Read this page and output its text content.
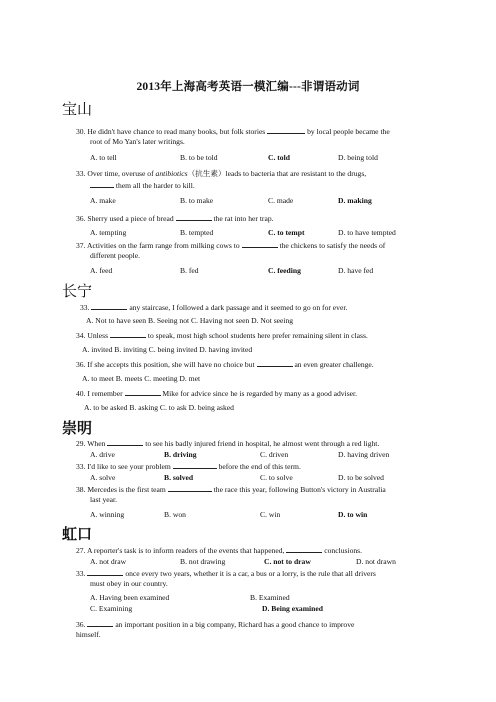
2013年上海高考英语一模汇编---非谓语动词
宝山
30. He didn't have chance to read many books, but folk stories	by local people became the
root of Mo Yan's later writings.
A. to tell	B. to be told	C. told	D. being told
33. Over time, overuse of antibiotics（抗生素）leads to bacteria that are resistant to the drugs,
them all the harder to kill.
A. make	B. to make	C. made	D. making
36. Sherry used a piece of bread	the rat into her trap.
A. tempting	B. tempted	C. to tempt	D. to have tempted
37. Activities on the farm range from milking cows to	the chickens to satisfy the needs of
different people.
A. feed	B. fed	C. feeding	D. have fed
长宁
33.	any staircase, I followed a dark passage and it seemed to go on for ever.
A. Not to have seen B. Seeing not C. Having not seen D. Not seeing
34. Unless	to speak, most high school students here prefer remaining silent in class.
A. invited B. inviting C. being invited D. having invited
36. If she accepts this position, she will have no choice but	an even greater challenge.
A. to meet B. meets C. meeting D. met
40. I remember	Mike for advice since he is regarded by many as a good adviser.
A. to be asked B. asking C. to ask D. being asked
崇明
29. When	to see his badly injured friend in hospital, he almost went through a red light.
A. drive	B. driving	C. driven	D. having driven
33. I'd like to see your problem	before the end of this term.
A. solve	B. solved	C. to solve	D. to be solved
38. Mercedes is the first team	the race this year, following Button's victory in Australia
last year.
A. winning	B. won	C. win	D. to win
虹口
27. A reporter's task is to inform readers of the events that happened,	conclusions.
A. not draw	B. not drawing	C. not to draw	D. not drawn
33.	once every two years, whether it is a car, a bus or a lorry, is the rule that all drivers
must obey in our country.
A. Having been examined	B. Examined
C. Examining	D. Being examined
36.	an important position in a big company, Richard has a good chance to improve
himself.
